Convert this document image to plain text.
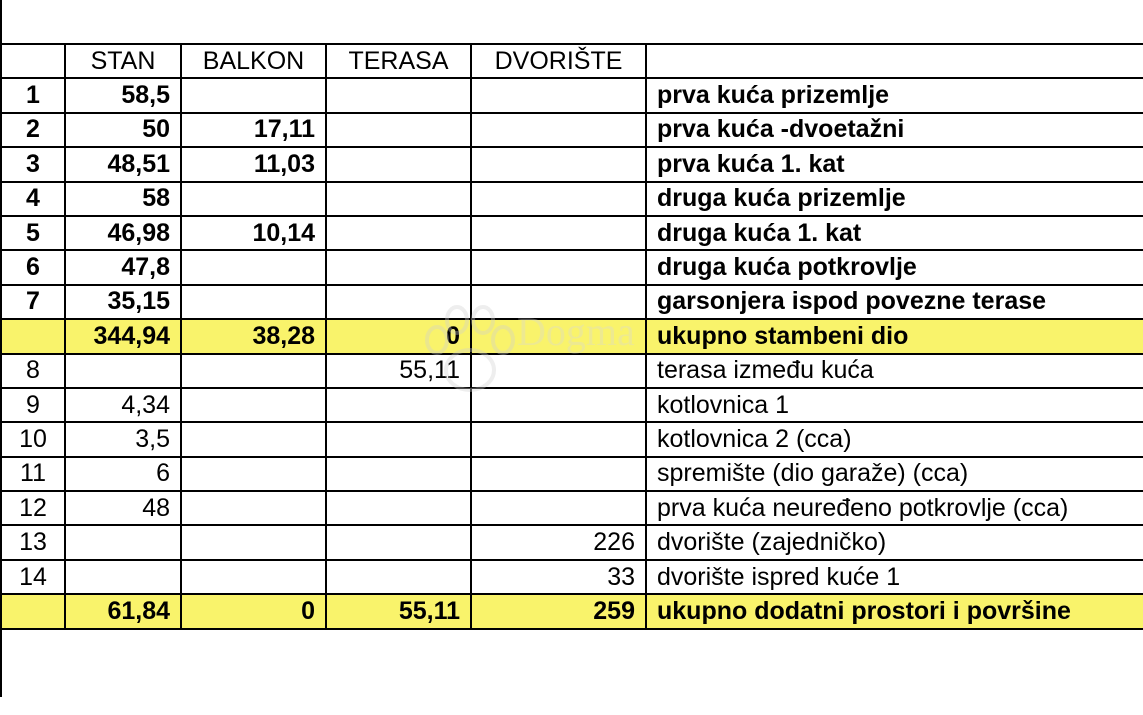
	STAN	BALKON	TERASA	DVORIŠTE	
1	58,5				prva kuća prizemlje
2	50	17,11			prva kuća -dvoetažni
3	48,51	11,03			prva kuća 1. kat
4	58				druga kuća prizemlje
5	46,98	10,14			druga kuća 1. kat
6	47,8				druga kuća potkrovlje
7	35,15				garsonjera ispod povezne terase
	344,94	38,28	0		ukupno stambeni dio
8			55,11		terasa između kuća
9	4,34				kotlovnica 1
10	3,5				kotlovnica 2 (cca)
11	6				spremište (dio garaže) (cca)
12	48				prva kuća neuređeno potkrovlje (cca)
13				226	dvorište (zajedničko)
14				33	dvorište ispred kuće 1
	61,84	0	55,11	259	ukupno dodatni prostori i površine
Dogma
